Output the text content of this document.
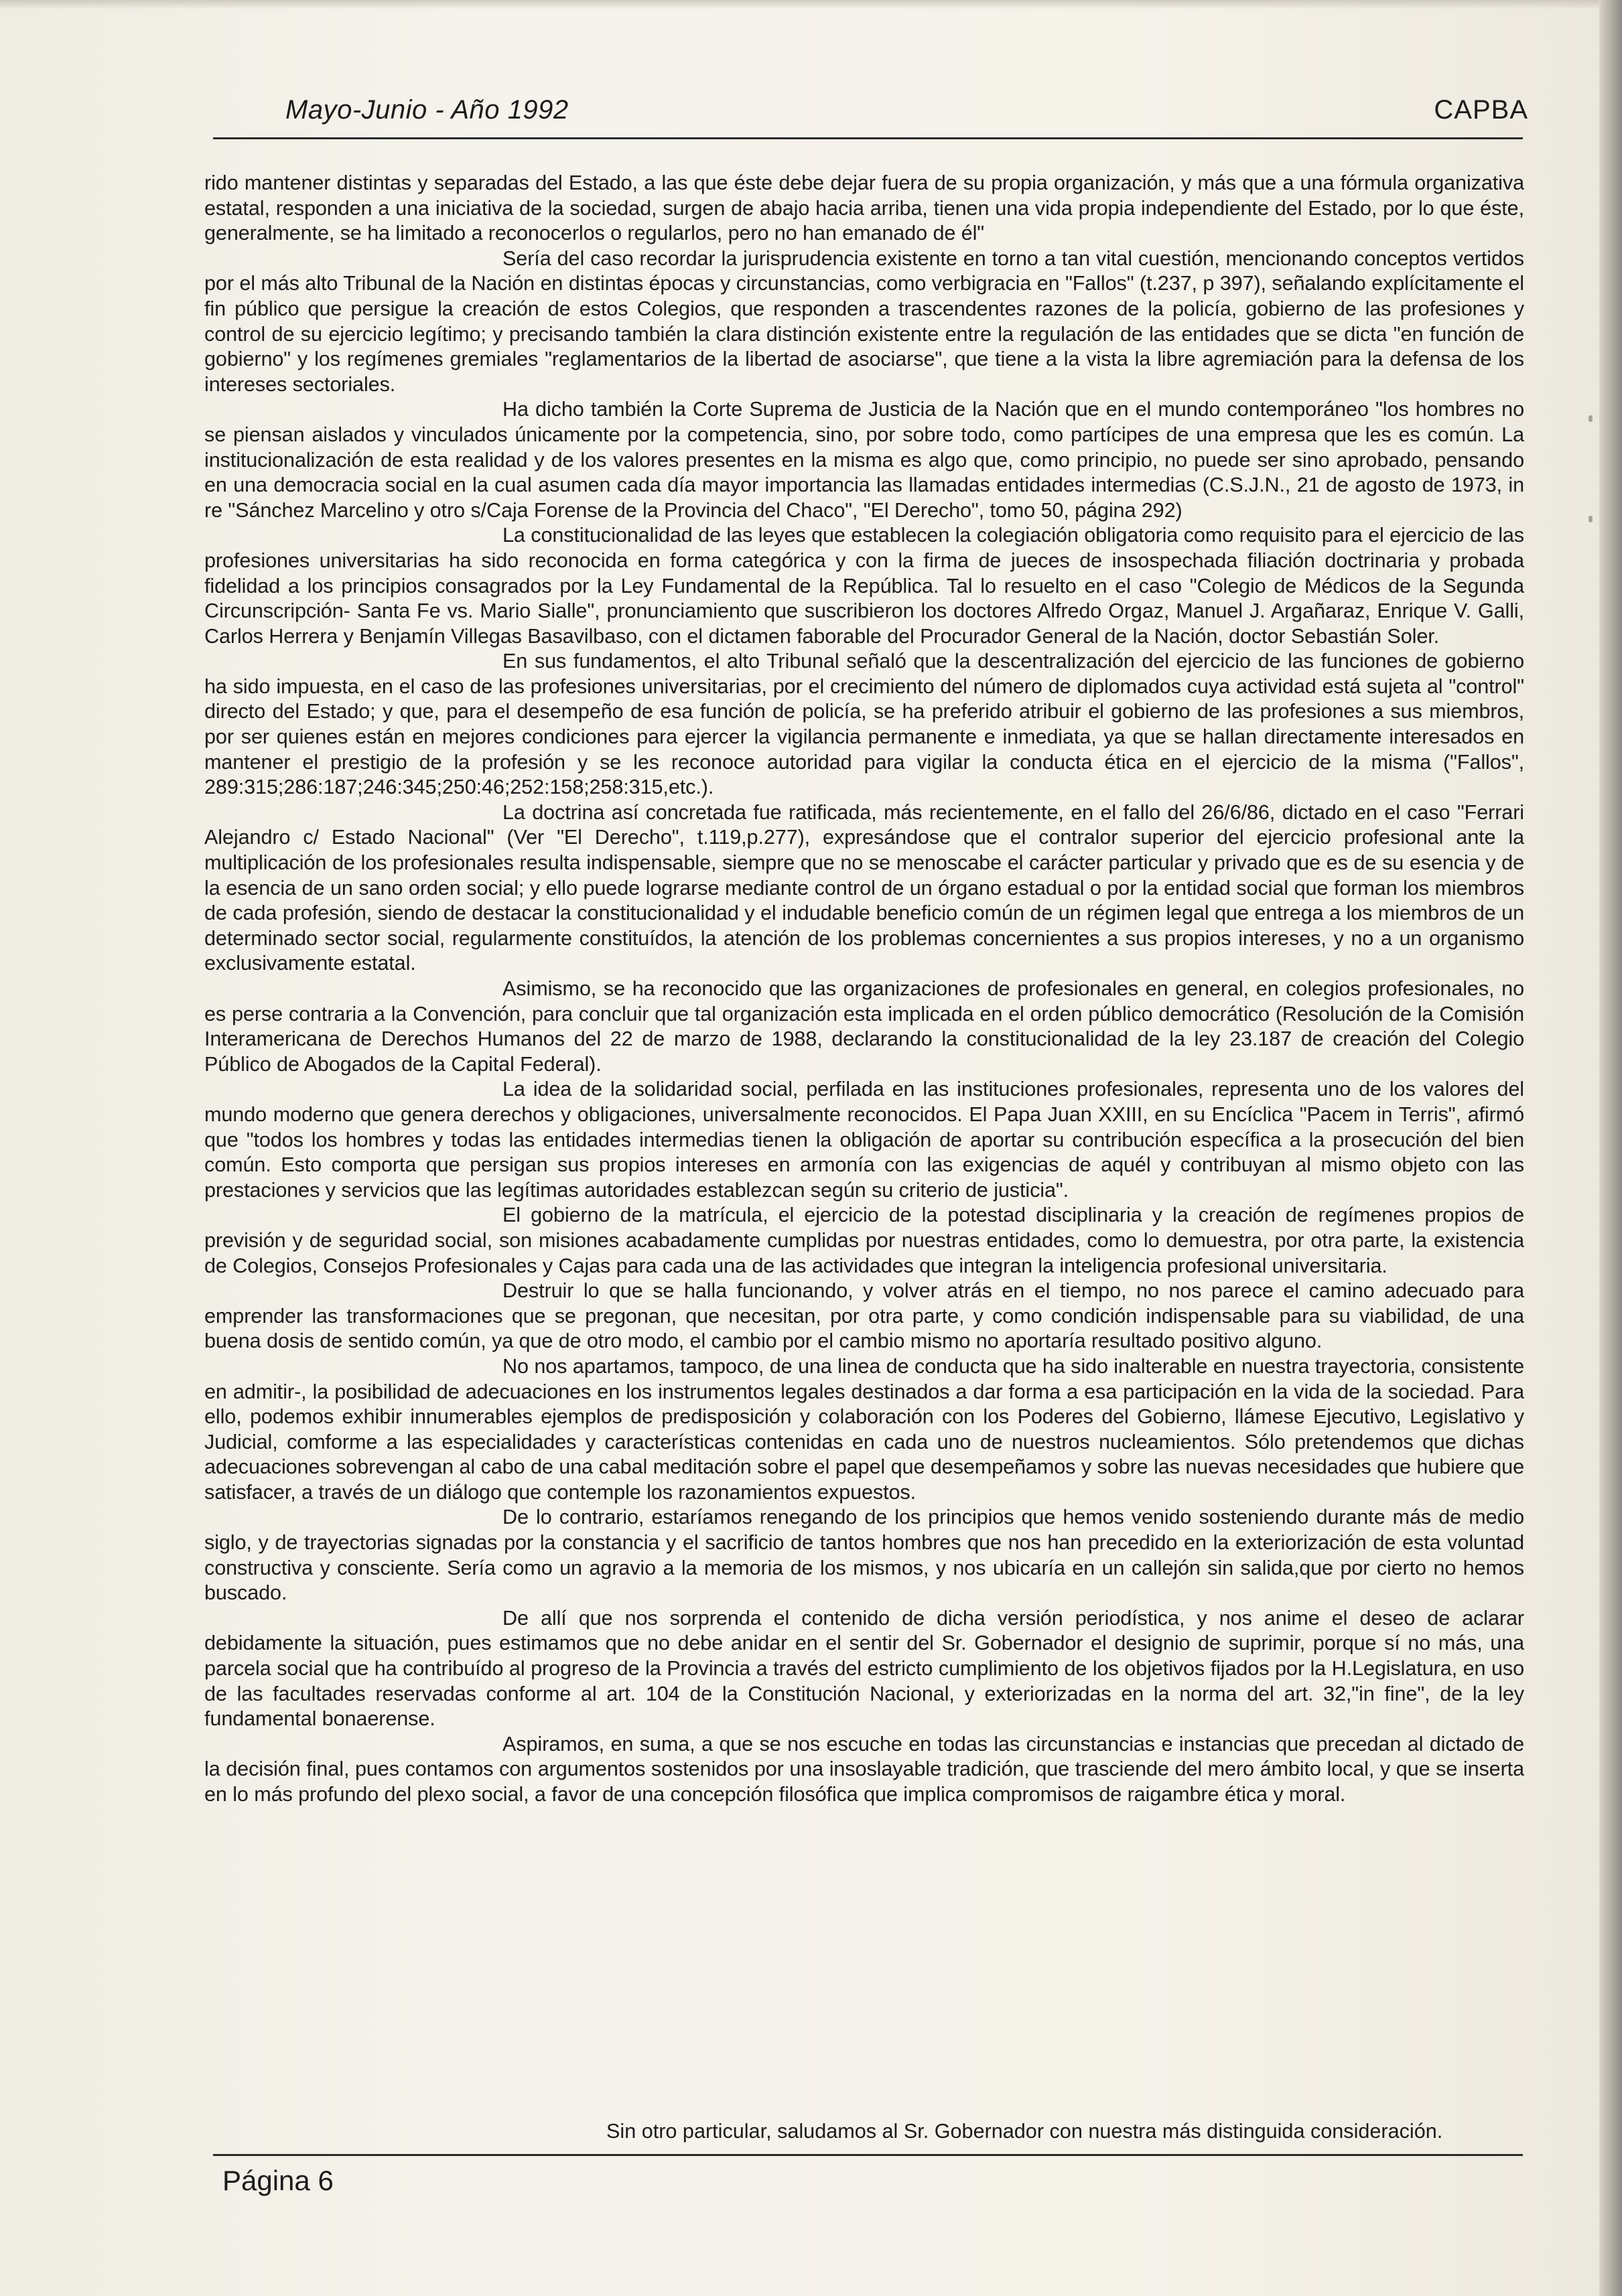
Mayo-Junio - Año 1992	CAPBA

rido mantener distintas y separadas del Estado, a las que éste debe dejar fuera de su propia organización, y más que a una fórmula organizativa estatal, responden a una iniciativa de la sociedad, surgen de abajo hacia arriba, tienen una vida propia independiente del Estado, por lo que éste, generalmente, se ha limitado a reconocerlos o regularlos, pero no han emanado de él"

Sería del caso recordar la jurisprudencia existente en torno a tan vital cuestión, mencionando conceptos vertidos por el más alto Tribunal de la Nación en distintas épocas y circunstancias, como verbigracia en "Fallos" (t.237, p 397), señalando explícitamente el fin público que persigue la creación de estos Colegios, que responden a trascendentes razones de la policía, gobierno de las profesiones y control de su ejercicio legítimo; y precisando también la clara distinción existente entre la regulación de las entidades que se dicta "en función de gobierno" y los regímenes gremiales "reglamentarios de la libertad de asociarse", que tiene a la vista la libre agremiación para la defensa de los intereses sectoriales.

Ha dicho también la Corte Suprema de Justicia de la Nación que en el mundo contemporáneo "los hombres no se piensan aislados y vinculados únicamente por la competencia, sino, por sobre todo, como partícipes de una empresa que les es común. La institucionalización de esta realidad y de los valores presentes en la misma es algo que, como principio, no puede ser sino aprobado, pensando en una democracia social en la cual asumen cada día mayor importancia las llamadas entidades intermedias (C.S.J.N., 21 de agosto de 1973, in re "Sánchez Marcelino y otro s/Caja Forense de la Provincia del Chaco", "El Derecho", tomo 50, página 292)

La constitucionalidad de las leyes que establecen la colegiación obligatoria como requisito para el ejercicio de las profesiones universitarias ha sido reconocida en forma categórica y con la firma de jueces de insospechada filiación doctrinaria y probada fidelidad a los principios consagrados por la Ley Fundamental de la República. Tal lo resuelto en el caso "Colegio de Médicos de la Segunda Circunscripción- Santa Fe vs. Mario Sialle", pronunciamiento que suscribieron los doctores Alfredo Orgaz, Manuel J. Argañaraz, Enrique V. Galli, Carlos Herrera y Benjamín Villegas Basavilbaso, con el dictamen faborable del Procurador General de la Nación, doctor Sebastián Soler.

En sus fundamentos, el alto Tribunal señaló que la descentralización del ejercicio de las funciones de gobierno ha sido impuesta, en el caso de las profesiones universitarias, por el crecimiento del número de diplomados cuya actividad está sujeta al "control" directo del Estado; y que, para el desempeño de esa función de policía, se ha preferido atribuir el gobierno de las profesiones a sus miembros, por ser quienes están en mejores condiciones para ejercer la vigilancia permanente e inmediata, ya que se hallan directamente interesados en mantener el prestigio de la profesión y se les reconoce autoridad para vigilar la conducta ética en el ejercicio de la misma ("Fallos", 289:315;286:187;246:345;250:46;252:158;258:315,etc.).

La doctrina así concretada fue ratificada, más recientemente, en el fallo del 26/6/86, dictado en el caso "Ferrari Alejandro c/ Estado Nacional" (Ver "El Derecho", t.119,p.277), expresándose que el contralor superior del ejercicio profesional ante la multiplicación de los profesionales resulta indispensable, siempre que no se menoscabe el carácter particular y privado que es de su esencia y de la esencia de un sano orden social; y ello puede lograrse mediante control de un órgano estadual o por la entidad social que forman los miembros de cada profesión, siendo de destacar la constitucionalidad y el indudable beneficio común de un régimen legal que entrega a los miembros de un determinado sector social, regularmente constituídos, la atención de los problemas concernientes a sus propios intereses, y no a un organismo exclusivamente estatal.

Asimismo, se ha reconocido que las organizaciones de profesionales en general, en colegios profesionales, no es perse contraria a la Convención, para concluir que tal organización esta implicada en el orden público democrático (Resolución de la Comisión Interamericana de Derechos Humanos del 22 de marzo de 1988, declarando la constitucionalidad de la ley 23.187 de creación del Colegio Público de Abogados de la Capital Federal).

La idea de la solidaridad social, perfilada en las instituciones profesionales, representa uno de los valores del mundo moderno que genera derechos y obligaciones, universalmente reconocidos. El Papa Juan XXIII, en su Encíclica "Pacem in Terris", afirmó que "todos los hombres y todas las entidades intermedias tienen la obligación de aportar su contribución específica a la prosecución del bien común. Esto comporta que persigan sus propios intereses en armonía con las exigencias de aquél y contribuyan al mismo objeto con las prestaciones y servicios que las legítimas autoridades establezcan según su criterio de justicia".

El gobierno de la matrícula, el ejercicio de la potestad disciplinaria y la creación de regímenes propios de previsión y de seguridad social, son misiones acabadamente cumplidas por nuestras entidades, como lo demuestra, por otra parte, la existencia de Colegios, Consejos Profesionales y Cajas para cada una de las actividades que integran la inteligencia profesional universitaria.

Destruir lo que se halla funcionando, y volver atrás en el tiempo, no nos parece el camino adecuado para emprender las transformaciones que se pregonan, que necesitan, por otra parte, y como condición indispensable para su viabilidad, de una buena dosis de sentido común, ya que de otro modo, el cambio por el cambio mismo no aportaría resultado positivo alguno.

No nos apartamos, tampoco, de una linea de conducta que ha sido inalterable en nuestra trayectoria, consistente en admitir-, la posibilidad de adecuaciones en los instrumentos legales destinados a dar forma a esa participación en la vida de la sociedad. Para ello, podemos exhibir innumerables ejemplos de predisposición y colaboración con los Poderes del Gobierno, llámese Ejecutivo, Legislativo y Judicial, comforme a las especialidades y características contenidas en cada uno de nuestros nucleamientos. Sólo pretendemos que dichas adecuaciones sobrevengan al cabo de una cabal meditación sobre el papel que desempeñamos y sobre las nuevas necesidades que hubiere que satisfacer, a través de un diálogo que contemple los razonamientos expuestos.

De lo contrario, estaríamos renegando de los principios que hemos venido sosteniendo durante más de medio siglo, y de trayectorias signadas por la constancia y el sacrificio de tantos hombres que nos han precedido en la exteriorización de esta voluntad constructiva y consciente. Sería como un agravio a la memoria de los mismos, y nos ubicaría en un callejón sin salida,que por cierto no hemos buscado.

De allí que nos sorprenda el contenido de dicha versión periodística, y nos anime el deseo de aclarar debidamente la situación, pues estimamos que no debe anidar en el sentir del Sr. Gobernador el designio de suprimir, porque sí no más, una parcela social que ha contribuído al progreso de la Provincia a través del estricto cumplimiento de los objetivos fijados por la H.Legislatura, en uso de las facultades reservadas conforme al art. 104 de la Constitución Nacional, y exteriorizadas en la norma del art. 32,"in fine", de la ley fundamental bonaerense.

Aspiramos, en suma, a que se nos escuche en todas las circunstancias e instancias que precedan al dictado de la decisión final, pues contamos con argumentos sostenidos por una insoslayable tradición, que trasciende del mero ámbito local, y que se inserta en lo más profundo del plexo social, a favor de una concepción filosófica que implica compromisos de raigambre ética y moral.

Sin otro particular, saludamos al Sr. Gobernador con nuestra más distinguida consideración.
Página 6
